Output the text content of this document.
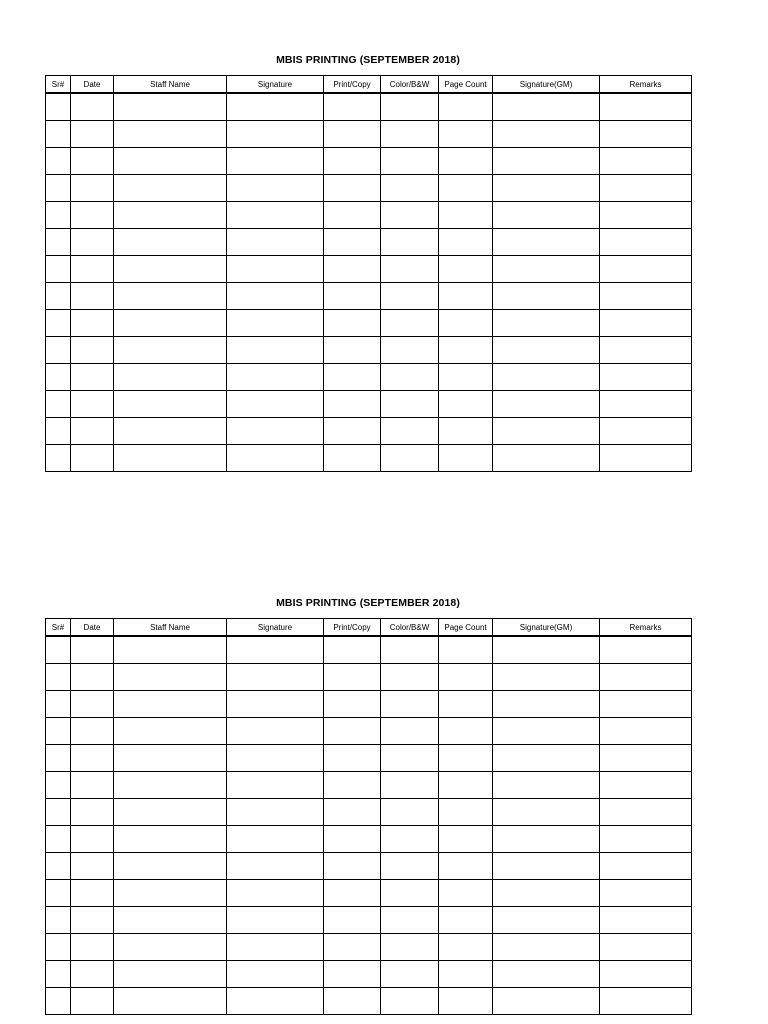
MBIS PRINTING (SEPTEMBER 2018)
Sr#	Date	Staff Name	Signature	Print/Copy	Color/B&W	Page Count	Signature(GM)	Remarks

MBIS PRINTING (SEPTEMBER 2018)
Sr#	Date	Staff Name	Signature	Print/Copy	Color/B&W	Page Count	Signature(GM)	Remarks
